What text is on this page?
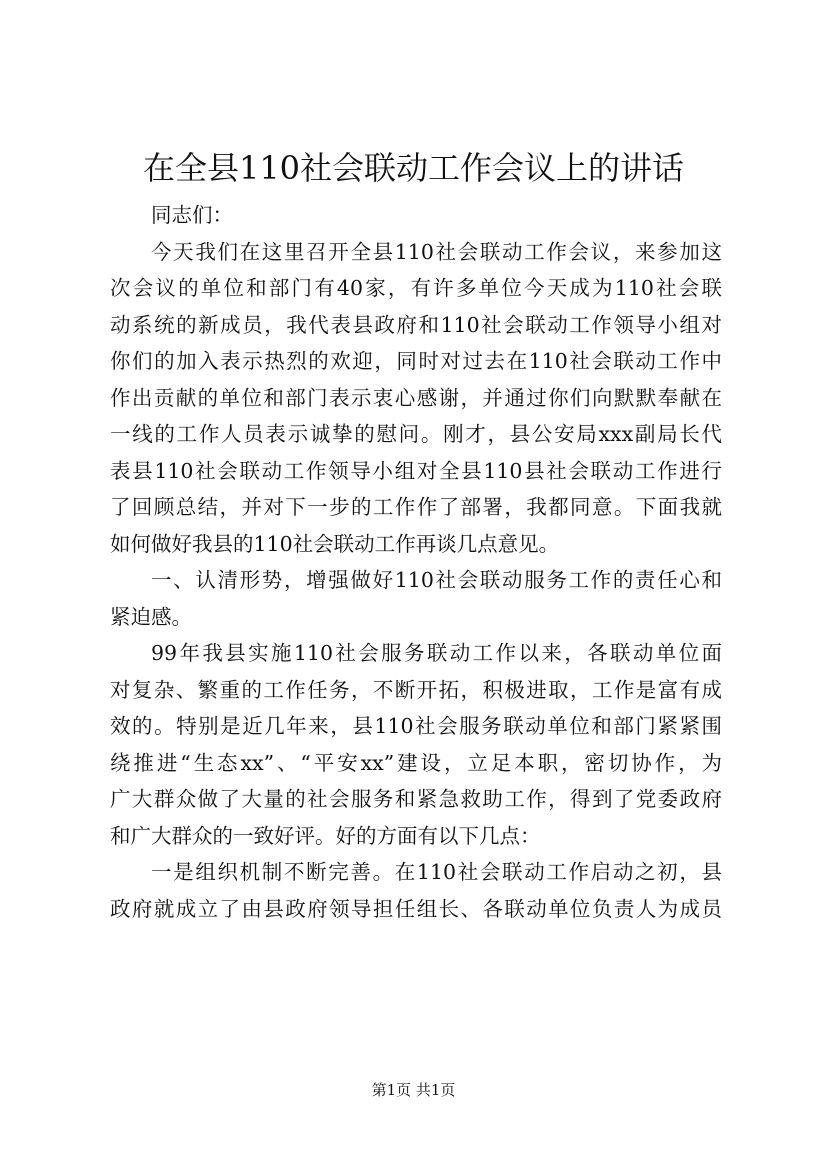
在全县110社会联动工作会议上的讲话
同志们：
今天我们在这里召开全县110社会联动工作会议，来参加这
次会议的单位和部门有40家，有许多单位今天成为110社会联
动系统的新成员，我代表县政府和110社会联动工作领导小组对
你们的加入表示热烈的欢迎，同时对过去在110社会联动工作中
作出贡献的单位和部门表示衷心感谢，并通过你们向默默奉献在
一线的工作人员表示诚挚的慰问。刚才，县公安局xxx副局长代
表县110社会联动工作领导小组对全县110县社会联动工作进行
了回顾总结，并对下一步的工作作了部署，我都同意。下面我就
如何做好我县的110社会联动工作再谈几点意见。
一、认清形势，增强做好110社会联动服务工作的责任心和
紧迫感。
99年我县实施110社会服务联动工作以来，各联动单位面
对复杂、繁重的工作任务，不断开拓，积极进取，工作是富有成
效的。特别是近几年来，县110社会服务联动单位和部门紧紧围
绕推进“生态xx”、“平安xx”建设，立足本职，密切协作，为
广大群众做了大量的社会服务和紧急救助工作，得到了党委政府
和广大群众的一致好评。好的方面有以下几点：
一是组织机制不断完善。在110社会联动工作启动之初，县
政府就成立了由县政府领导担任组长、各联动单位负责人为成员
第1页 共1页
